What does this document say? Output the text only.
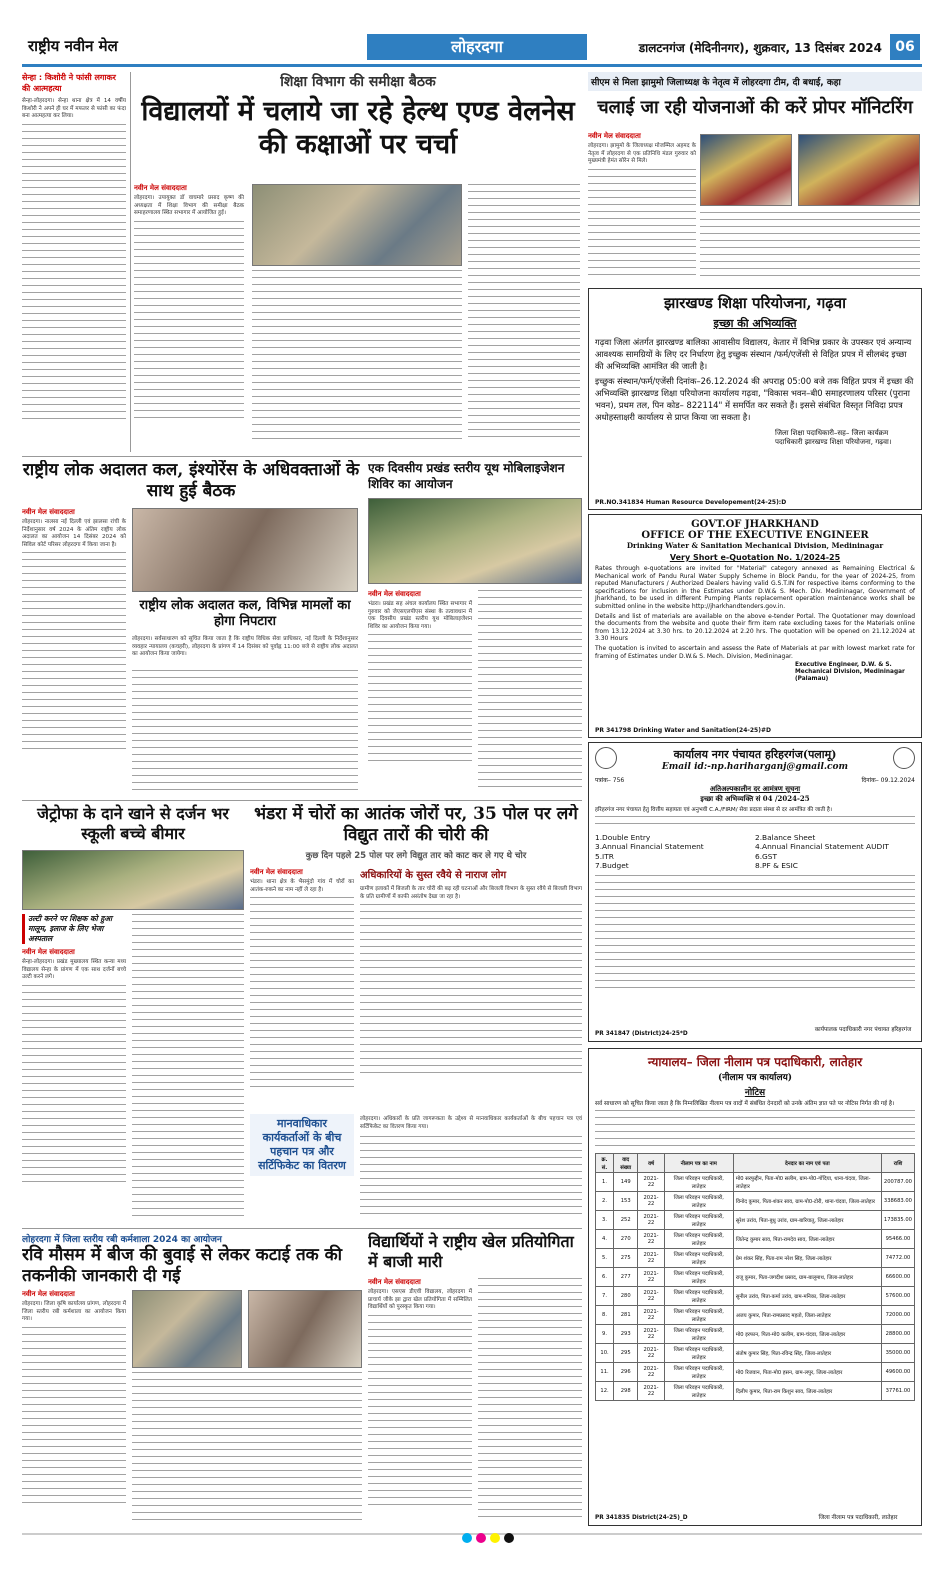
राष्ट्रीय नवीन मेल	लोहरदगा	डालटनगंज (मेदिनीनगर), शुक्रवार, 13 दिसंबर 2024 06
सेन्हा : किशोरी ने फांसी लगाकर की आत्महत्या
सेन्हा-लोहरदगा। सेन्हा थाना क्षेत्र में 14 वर्षीय किशोरी ने अपने ही घर में मफलर से फांसी का फंदा बना आत्महत्या कर लिया।
शिक्षा विभाग की समीक्षा बैठक
विद्यालयों में चलाये जा रहे हेल्थ एण्ड वेलनेस की कक्षाओं पर चर्चा
नवीन मेल संवाददाता
लोहरदगा। उपायुक्त डॉ वाघमारे प्रसाद कृष्ण की अध्यक्षता में शिक्षा विभाग की समीक्षा बैठक समाहरणालय स्थित सभागार में आयोजित हुई।
सीएम से मिला झामुमो जिलाध्यक्ष के नेतृत्व में लोहरदगा टीम, दी बधाई, कहा
चलाई जा रही योजनाओं की करें प्रोपर मॉनिटरिंग
नवीन मेल संवाददाता
लोहरदगा। झामुमो के जिलाध्यक्ष मोजम्मिल अहमद के नेतृत्व में लोहरदगा से एक प्रतिनिधि मंडल गुरुवार को मुख्यमंत्री हेमंत सोरेन से मिले।
झारखण्ड शिक्षा परियोजना, गढ़वा
इच्छा की अभिव्यक्ति
गढ़वा जिला अंतर्गत झारखण्ड बालिका आवासीय विद्यालय, केतार में विभिन्न प्रकार के उपस्कर एवं अन्यान्य आवश्यक सामग्रियों के लिए दर निर्धारण हेतु इच्छुक संस्थान /फर्म/एजेंसी से विहित प्रपत्र में सीलबंद इच्छा की अभिव्यक्ति आमंत्रित की जाती है।
इच्छुक संस्थान/फर्म/एजेंसी दिनांक–26.12.2024 की अपराह्न 05:00 बजे तक विहित प्रपत्र में इच्छा की अभिव्यक्ति झारखण्ड शिक्षा परियोजना कार्यालय गढ़वा, "विकास भवन–बी0 समाहरणालय परिसर (पुराना भवन), प्रथम तल, पिन कोड– 822114" में समर्पित कर सकते हैं। इससे संबंधित विस्तृत निविदा प्रपत्र अधोहस्ताक्षरी कार्यालय से प्राप्त किया जा सकता है।
जिला शिक्षा पदाधिकारी–सह– जिला कार्यक्रम पदाधिकारी झारखण्ड शिक्षा परियोजना, गढ़वा।
PR.NO.341834 Human Resource Developement(24-25):D
GOVT.OF JHARKHAND
OFFICE OF THE EXECUTIVE ENGINEER
Drinking Water & Sanitation Mechanical Division, Medininagar
Very Short e-Quotation No. 1/2024-25
Rates through e-quotations are invited for "Material" category annexed as Remaining Electrical & Mechanical work of Pandu Rural Water Supply Scheme in Block Pandu, for the year of 2024-25, from reputed Manufacturers / Authorized Dealers having valid G.S.T.IN for respective items conforming to the specifications for inclusion in the Estimates under D.W.& S. Mech. Div. Medininagar, Government of Jharkhand, to be used in different Pumping Plants replacement operation maintenance works shall be submitted online in the website http://jharkhandtenders.gov.in.
Details and list of materials are available on the above e-tender Portal. The Quotationer may download the documents from the website and quote their firm item rate excluding taxes for the Materials online from 13.12.2024 at 3.30 hrs. to 20.12.2024 at 2.20 hrs. The quotation will be opened on 21.12.2024 at 3.30 Hours
The quotation is invited to ascertain and assess the Rate of Materials at par with lowest market rate for framing of Estimates under D.W.& S. Mech. Division, Medininagar.
Executive Engineer, D.W. & S. Mechanical Division, Medininagar (Palamau)
PR 341798 Drinking Water and Sanitation(24-25)#D
कार्यालय नगर पंचायत हरिहरगंज(पलामू)
Email id:-np.hariharganj@gmail.com
पत्रांक– 756	दिनांक– 09.12.2024
अतिअल्पकालीन दर आमंत्रण सूचना
इच्छा की अभिव्यक्ति सं 04 /2024-25
हरिहरगंज नगर पंचायत हेतु वित्तीय सहायता एवं अनुभवी C.A./FIRM/ सेवा प्रदाता संस्था से दर आमंत्रित की जाती है।
1.Double Entry	2.Balance Sheet
3.Annual Financial Statement	4.Annual Financial Statement AUDIT
5.ITR	6.GST
7.Budget	8.PF & ESIC
PR 341847 (District)24-25*D
कार्यपालक पदाधिकारी नगर पंचायत हरिहरगंज
न्यायालय– जिला नीलाम पत्र पदाधिकारी, लातेहार
(नीलाम पत्र कार्यालय)
नोटिस
सर्व साधारण को सूचित किया जाता है कि निम्नलिखित नीलाम पत्र वादों में संबंधित देनदारों को उनके अंतिम ज्ञात पते पर नोटिस निर्गत की गई है।
क्र. सं.	वाद संख्या	वर्ष	नीलाम पत्र का नाम	देनदार का नाम एवं पता	राशि
1.	149	2021-22	जिला परिवहन पदाधिकारी, लातेहार	मो0 सरफुद्दीन, पिता-मो0 सलीम, ग्राम-पो0-गोंदिया, थाना-चंदवा, जिला-लातेहार	200787.00
2.	153	2021-22	जिला परिवहन पदाधिकारी, लातेहार	विनोद कुमार, पिता-शंकर साव, ग्राम-पो0-टोरी, थाना-चंदवा, जिला-लातेहार	338683.00
3.	252	2021-22	जिला परिवहन पदाधिकारी, लातेहार	सुरेश उरांव, पिता-बुधु उरांव, ग्राम-बारियातू, जिला-लातेहार	173835.00
4.	270	2021-22	जिला परिवहन पदाधिकारी, लातेहार	जितेन्द्र कुमार साव, पिता-रामदेव साव, जिला-लातेहार	95466.00
5.	275	2021-22	जिला परिवहन पदाधिकारी, लातेहार	प्रेम शंकर सिंह, पिता-राम नरेश सिंह, जिला-लातेहार	74772.00
6.	277	2021-22	जिला परिवहन पदाधिकारी, लातेहार	राजू कुमार, पिता-जगदीश प्रसाद, ग्राम-बालूमाथ, जिला-लातेहार	66600.00
7.	280	2021-22	जिला परिवहन पदाधिकारी, लातेहार	सुनील उरांव, पिता-कर्मा उरांव, ग्राम-मनिका, जिला-लातेहार	57600.00
8.	281	2021-22	जिला परिवहन पदाधिकारी, लातेहार	अजय कुमार, पिता-रामप्रसाद महतो, जिला-लातेहार	72000.00
9.	293	2021-22	जिला परिवहन पदाधिकारी, लातेहार	मो0 इरफान, पिता-मो0 कलीम, ग्राम-चंदवा, जिला-लातेहार	28800.00
10.	295	2021-22	जिला परिवहन पदाधिकारी, लातेहार	संतोष कुमार सिंह, पिता-रविन्द्र सिंह, जिला-लातेहार	35000.00
11.	296	2021-22	जिला परिवहन पदाधिकारी, लातेहार	मो0 रिजवान, पिता-मो0 हसन, ग्राम-लपुर, जिला-लातेहार	49600.00
12.	298	2021-22	जिला परिवहन पदाधिकारी, लातेहार	दिलीप कुमार, पिता-राम किशुन साव, जिला-लातेहार	37761.00
PR 341835 District(24-25)_D	जिला नीलाम पत्र पदाधिकारी, लातेहार
राष्ट्रीय लोक अदालत कल, इंश्योरेंस के अधिवक्ताओं के साथ हुई बैठक
नवीन मेल संवाददाता
लोहरदगा। नालसा नई दिल्ली एवं झालसा रांची के निर्देशानुसार वर्ष 2024 के अंतिम राष्ट्रीय लोक अदालत का आयोजन 14 दिसंबर 2024 को सिविल कोर्ट परिसर लोहरदगा में किया जाना है।
राष्ट्रीय लोक अदालत कल, विभिन्न मामलों का होगा निपटारा
लोहरदगा। सर्वसाधारण को सूचित किया जाता है कि राष्ट्रीय विधिक सेवा प्राधिकार, नई दिल्ली के निर्देशानुसार व्यवहार न्यायालय (कचहरी), लोहरदगा के प्रांगण में 14 दिसंबर को पूर्वाह्न 11:00 बजे से राष्ट्रीय लोक अदालत का आयोजन किया जायेगा।
एक दिवसीय प्रखंड स्तरीय यूथ मोबिलाइजेशन शिविर का आयोजन
नवीन मेल संवाददाता
भंडरा। प्रखंड सह अंचल कार्यालय स्थित सभागार में गुरुवार को जेएसएलपीएस संस्था के तत्वावधान में एक दिवसीय प्रखंड स्तरीय यूथ मोबिलाइजेशन शिविर का आयोजन किया गया।
जेट्रोफा के दाने खाने से दर्जन भर स्कूली बच्चे बीमार
उल्टी करने पर शिक्षक को हुआ मालूम, इलाज के लिए भेजा अस्पताल
नवीन मेल संवाददाता
सेन्हा-लोहरदगा। प्रखंड मुख्यालय स्थित कन्या मध्य विद्यालय सेन्हा के प्रांगण में एक साथ दर्जनों बच्चे उल्टी करने लगे।
भंडरा में चोरों का आतंक जोरों पर, 35 पोल पर लगे विद्युत तारों की चोरी की
कुछ दिन पहले 25 पोल पर लगे विद्युत तार को काट कर ले गए थे चोर
नवीन मेल संवाददाता
भंडरा। थाना क्षेत्र के भैसमुंदो गांव में चोरों का आतंक-रुकने का नाम नहीं ले रहा है।
अधिकारियों के सुस्त रवैये से नाराज लोग
ग्रामीण इलाकों में बिजली के तार चोरी की बढ़ रही घटनाओं और बिजली विभाग के सुस्त रवैये से बिजली विभाग के प्रति ग्रामीणों में काफी असंतोष देखा जा रहा है।
मानवाधिकार कार्यकर्ताओं के बीच पहचान पत्र और सर्टिफिकेट का वितरण
लोहरदगा। अधिकारों के प्रति जागरूकता के उद्देश्य से मानवाधिकार कार्यकर्ताओं के बीच पहचान पत्र एवं सर्टिफिकेट का वितरण किया गया।
लोहरदगा में जिला स्तरीय रबी कर्मशाला 2024 का आयोजन
रवि मौसम में बीज की बुवाई से लेकर कटाई तक की तकनीकी जानकारी दी गई
नवीन मेल संवाददाता
लोहरदगा। जिला कृषि कार्यालय प्रांगण, लोहरदगा में जिला स्तरीय रबी कर्मशाला का आयोजन किया गया।
विद्यार्थियों ने राष्ट्रीय खेल प्रतियोगिता में बाजी मारी
नवीन मेल संवाददाता
लोहरदगा। एसएस डीएवी विद्यालय, लोहरदगा में प्राचार्य जीके झा द्वारा खेल प्रतियोगिता में सम्मिलित विद्यार्थियों को पुरस्कृत किया गया।
